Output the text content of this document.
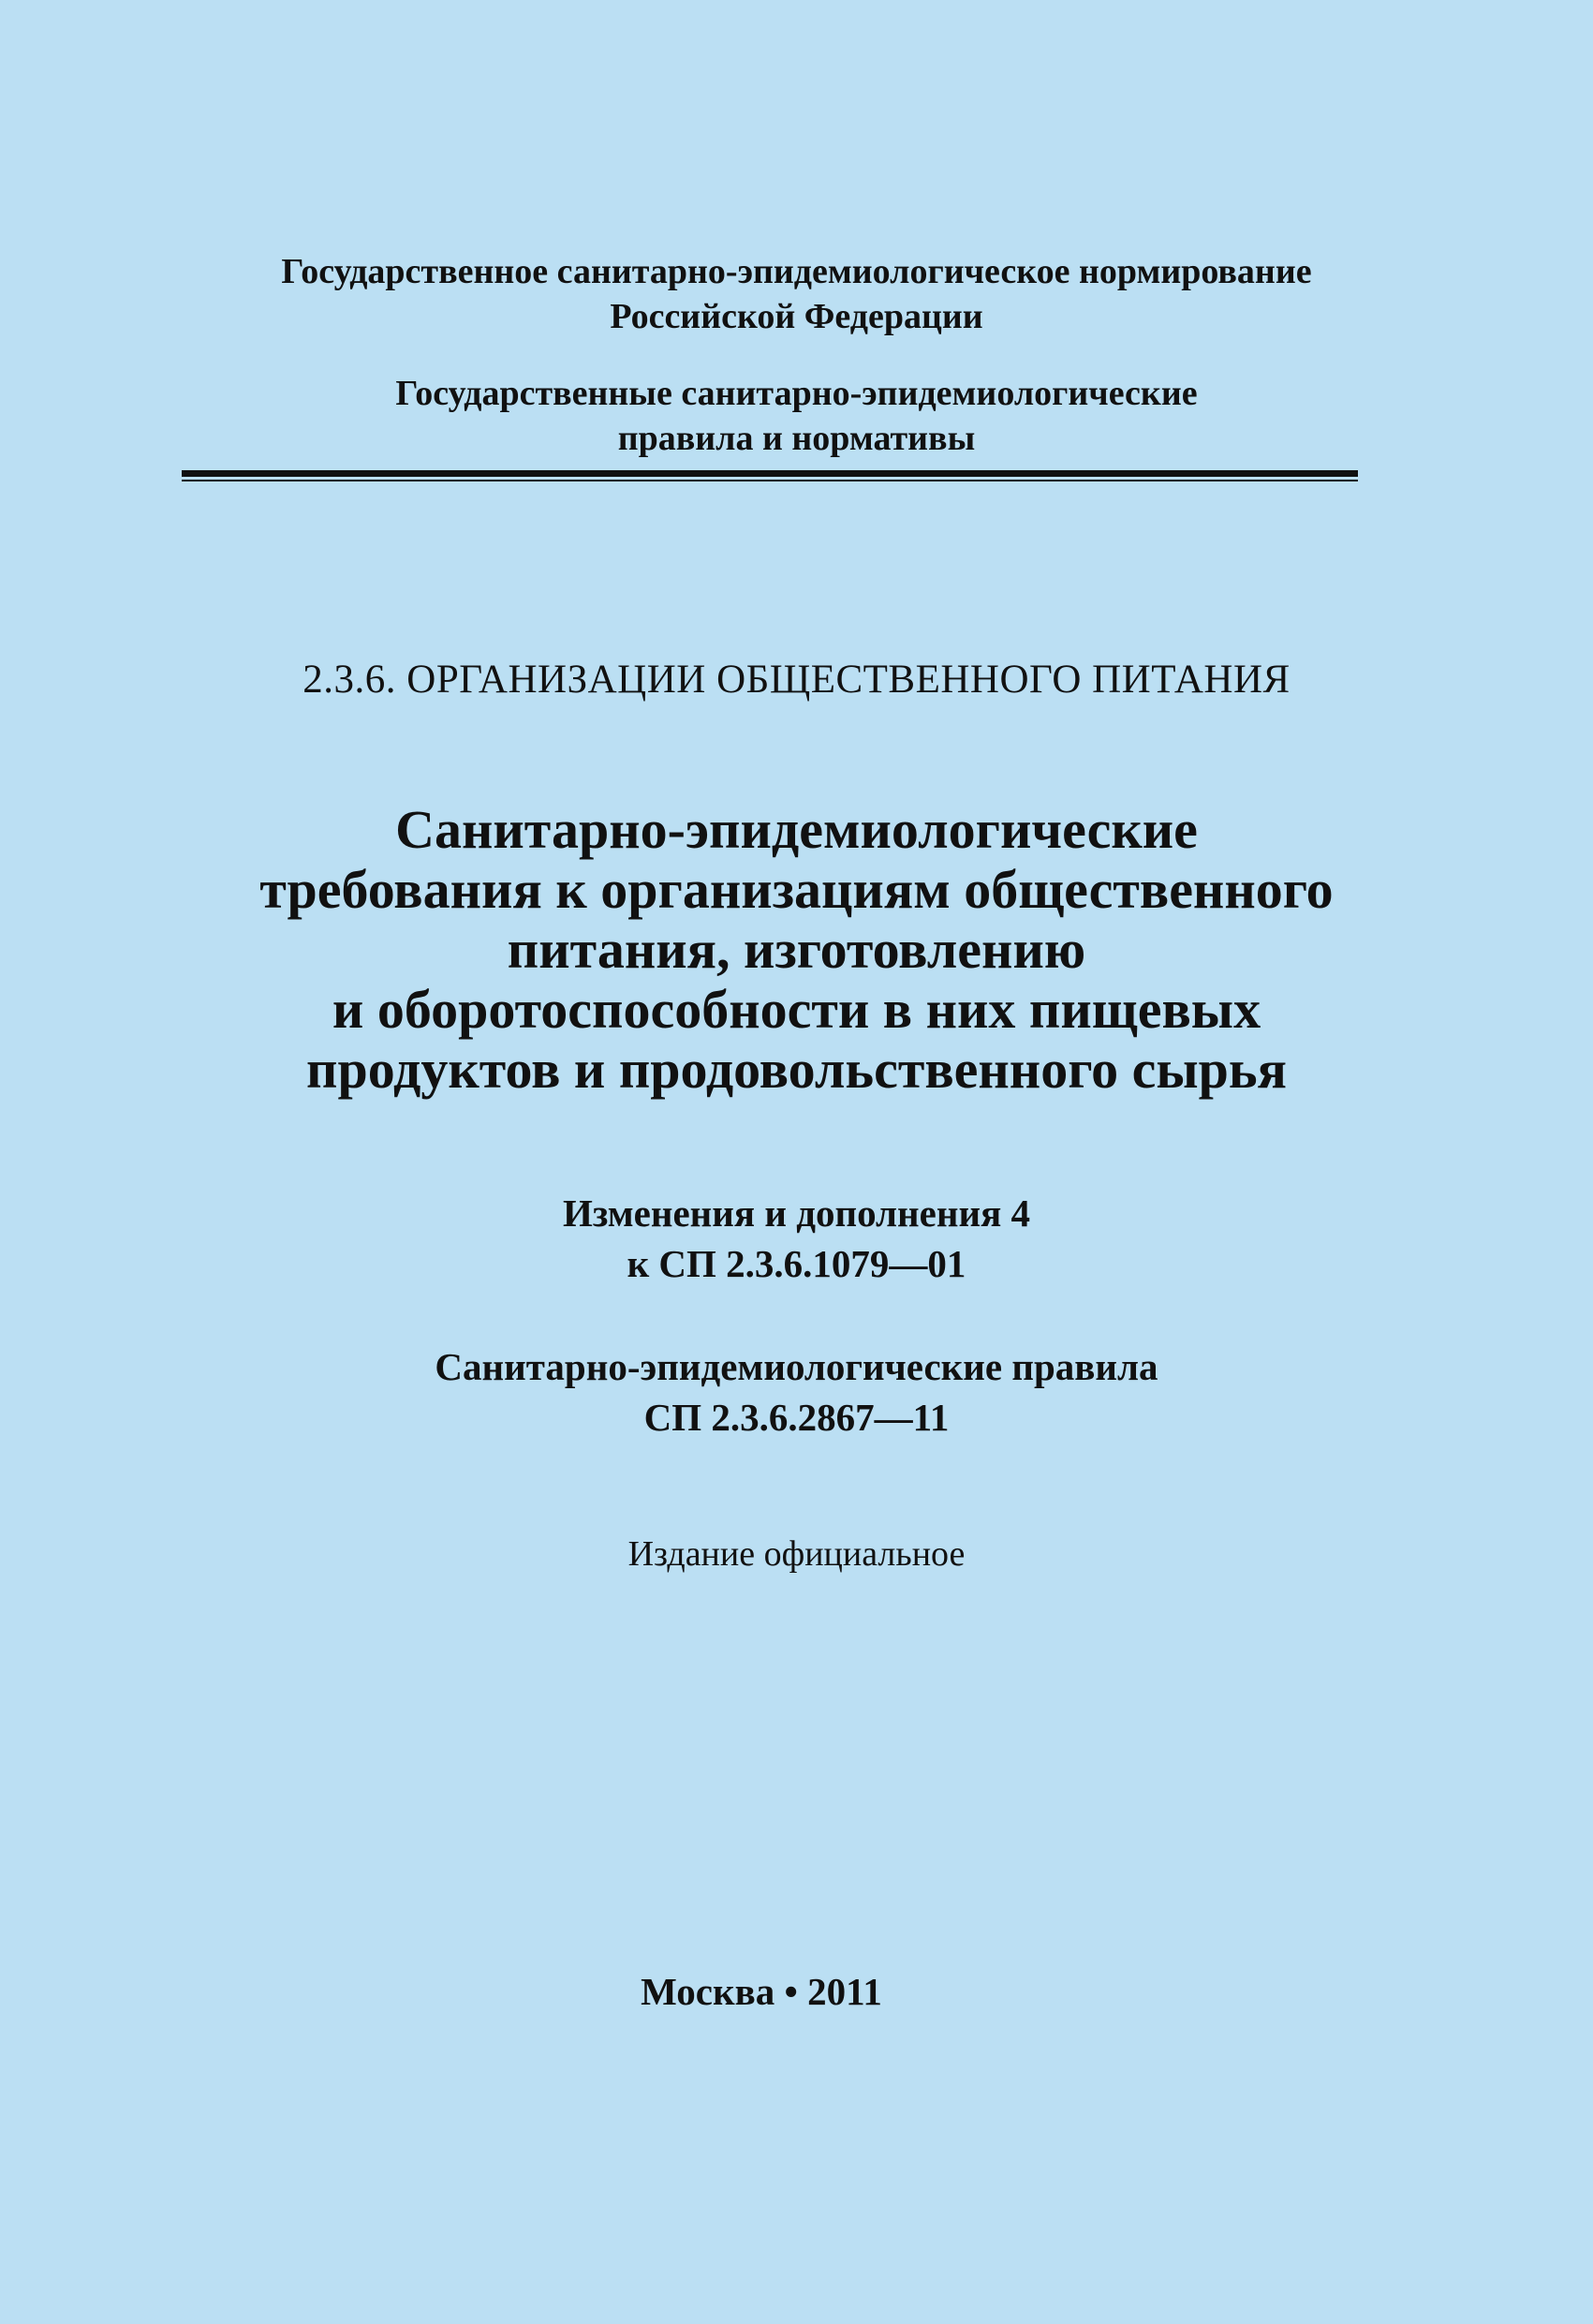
Государственное санитарно-эпидемиологическое нормирование
Российской Федерации
Государственные санитарно-эпидемиологические
правила и нормативы
2.3.6. ОРГАНИЗАЦИИ ОБЩЕСТВЕННОГО ПИТАНИЯ
Санитарно-эпидемиологические
требования к организациям общественного
питания, изготовлению
и оборотоспособности в них пищевых
продуктов и продовольственного сырья
Изменения и дополнения 4
к СП 2.3.6.1079—01
Санитарно-эпидемиологические правила
СП 2.3.6.2867—11
Издание официальное
Москва • 2011
